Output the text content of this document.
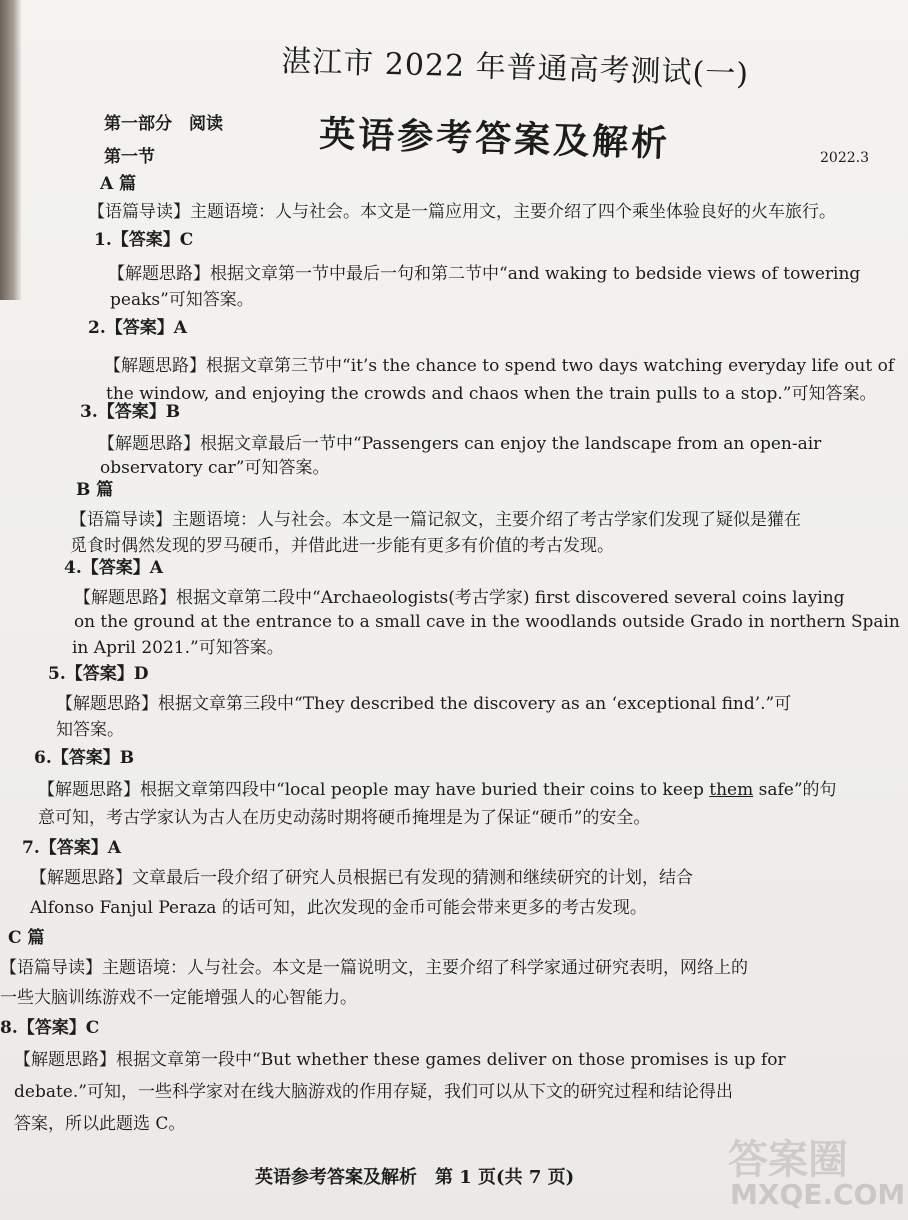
湛江市 2022 年普通高考测试(一)
英语参考答案及解析	2022.3
第一部分　阅读
第一节
A 篇
【语篇导读】主题语境：人与社会。本文是一篇应用文，主要介绍了四个乘坐体验良好的火车旅行。
1.【答案】C
【解题思路】根据文章第一节中最后一句和第二节中“and waking to bedside views of towering
peaks”可知答案。
2.【答案】A
【解题思路】根据文章第三节中“it’s the chance to spend two days watching everyday life out of
the window, and enjoying the crowds and chaos when the train pulls to a stop.”可知答案。
3.【答案】B
【解题思路】根据文章最后一节中“Passengers can enjoy the landscape from an open-air
observatory car”可知答案。
B 篇
【语篇导读】主题语境：人与社会。本文是一篇记叙文，主要介绍了考古学家们发现了疑似是獾在
觅食时偶然发现的罗马硬币，并借此进一步能有更多有价值的考古发现。
4.【答案】A
【解题思路】根据文章第二段中“Archaeologists(考古学家) first discovered several coins laying
on the ground at the entrance to a small cave in the woodlands outside Grado in northern Spain
in April 2021.”可知答案。
5.【答案】D
【解题思路】根据文章第三段中“They described the discovery as an ‘exceptional find’.”可
知答案。
6.【答案】B
【解题思路】根据文章第四段中“local people may have buried their coins to keep them safe”的句
意可知，考古学家认为古人在历史动荡时期将硬币掩埋是为了保证“硬币”的安全。
7.【答案】A
【解题思路】文章最后一段介绍了研究人员根据已有发现的猜测和继续研究的计划，结合
Alfonso Fanjul Peraza 的话可知，此次发现的金币可能会带来更多的考古发现。
C 篇
【语篇导读】主题语境：人与社会。本文是一篇说明文，主要介绍了科学家通过研究表明，网络上的
一些大脑训练游戏不一定能增强人的心智能力。
8.【答案】C
【解题思路】根据文章第一段中“But whether these games deliver on those promises is up for
debate.”可知，一些科学家对在线大脑游戏的作用存疑，我们可以从下文的研究过程和结论得出
答案，所以此题选 C。
英语参考答案及解析　第 1 页(共 7 页)	答案圈
MXQE.COM
